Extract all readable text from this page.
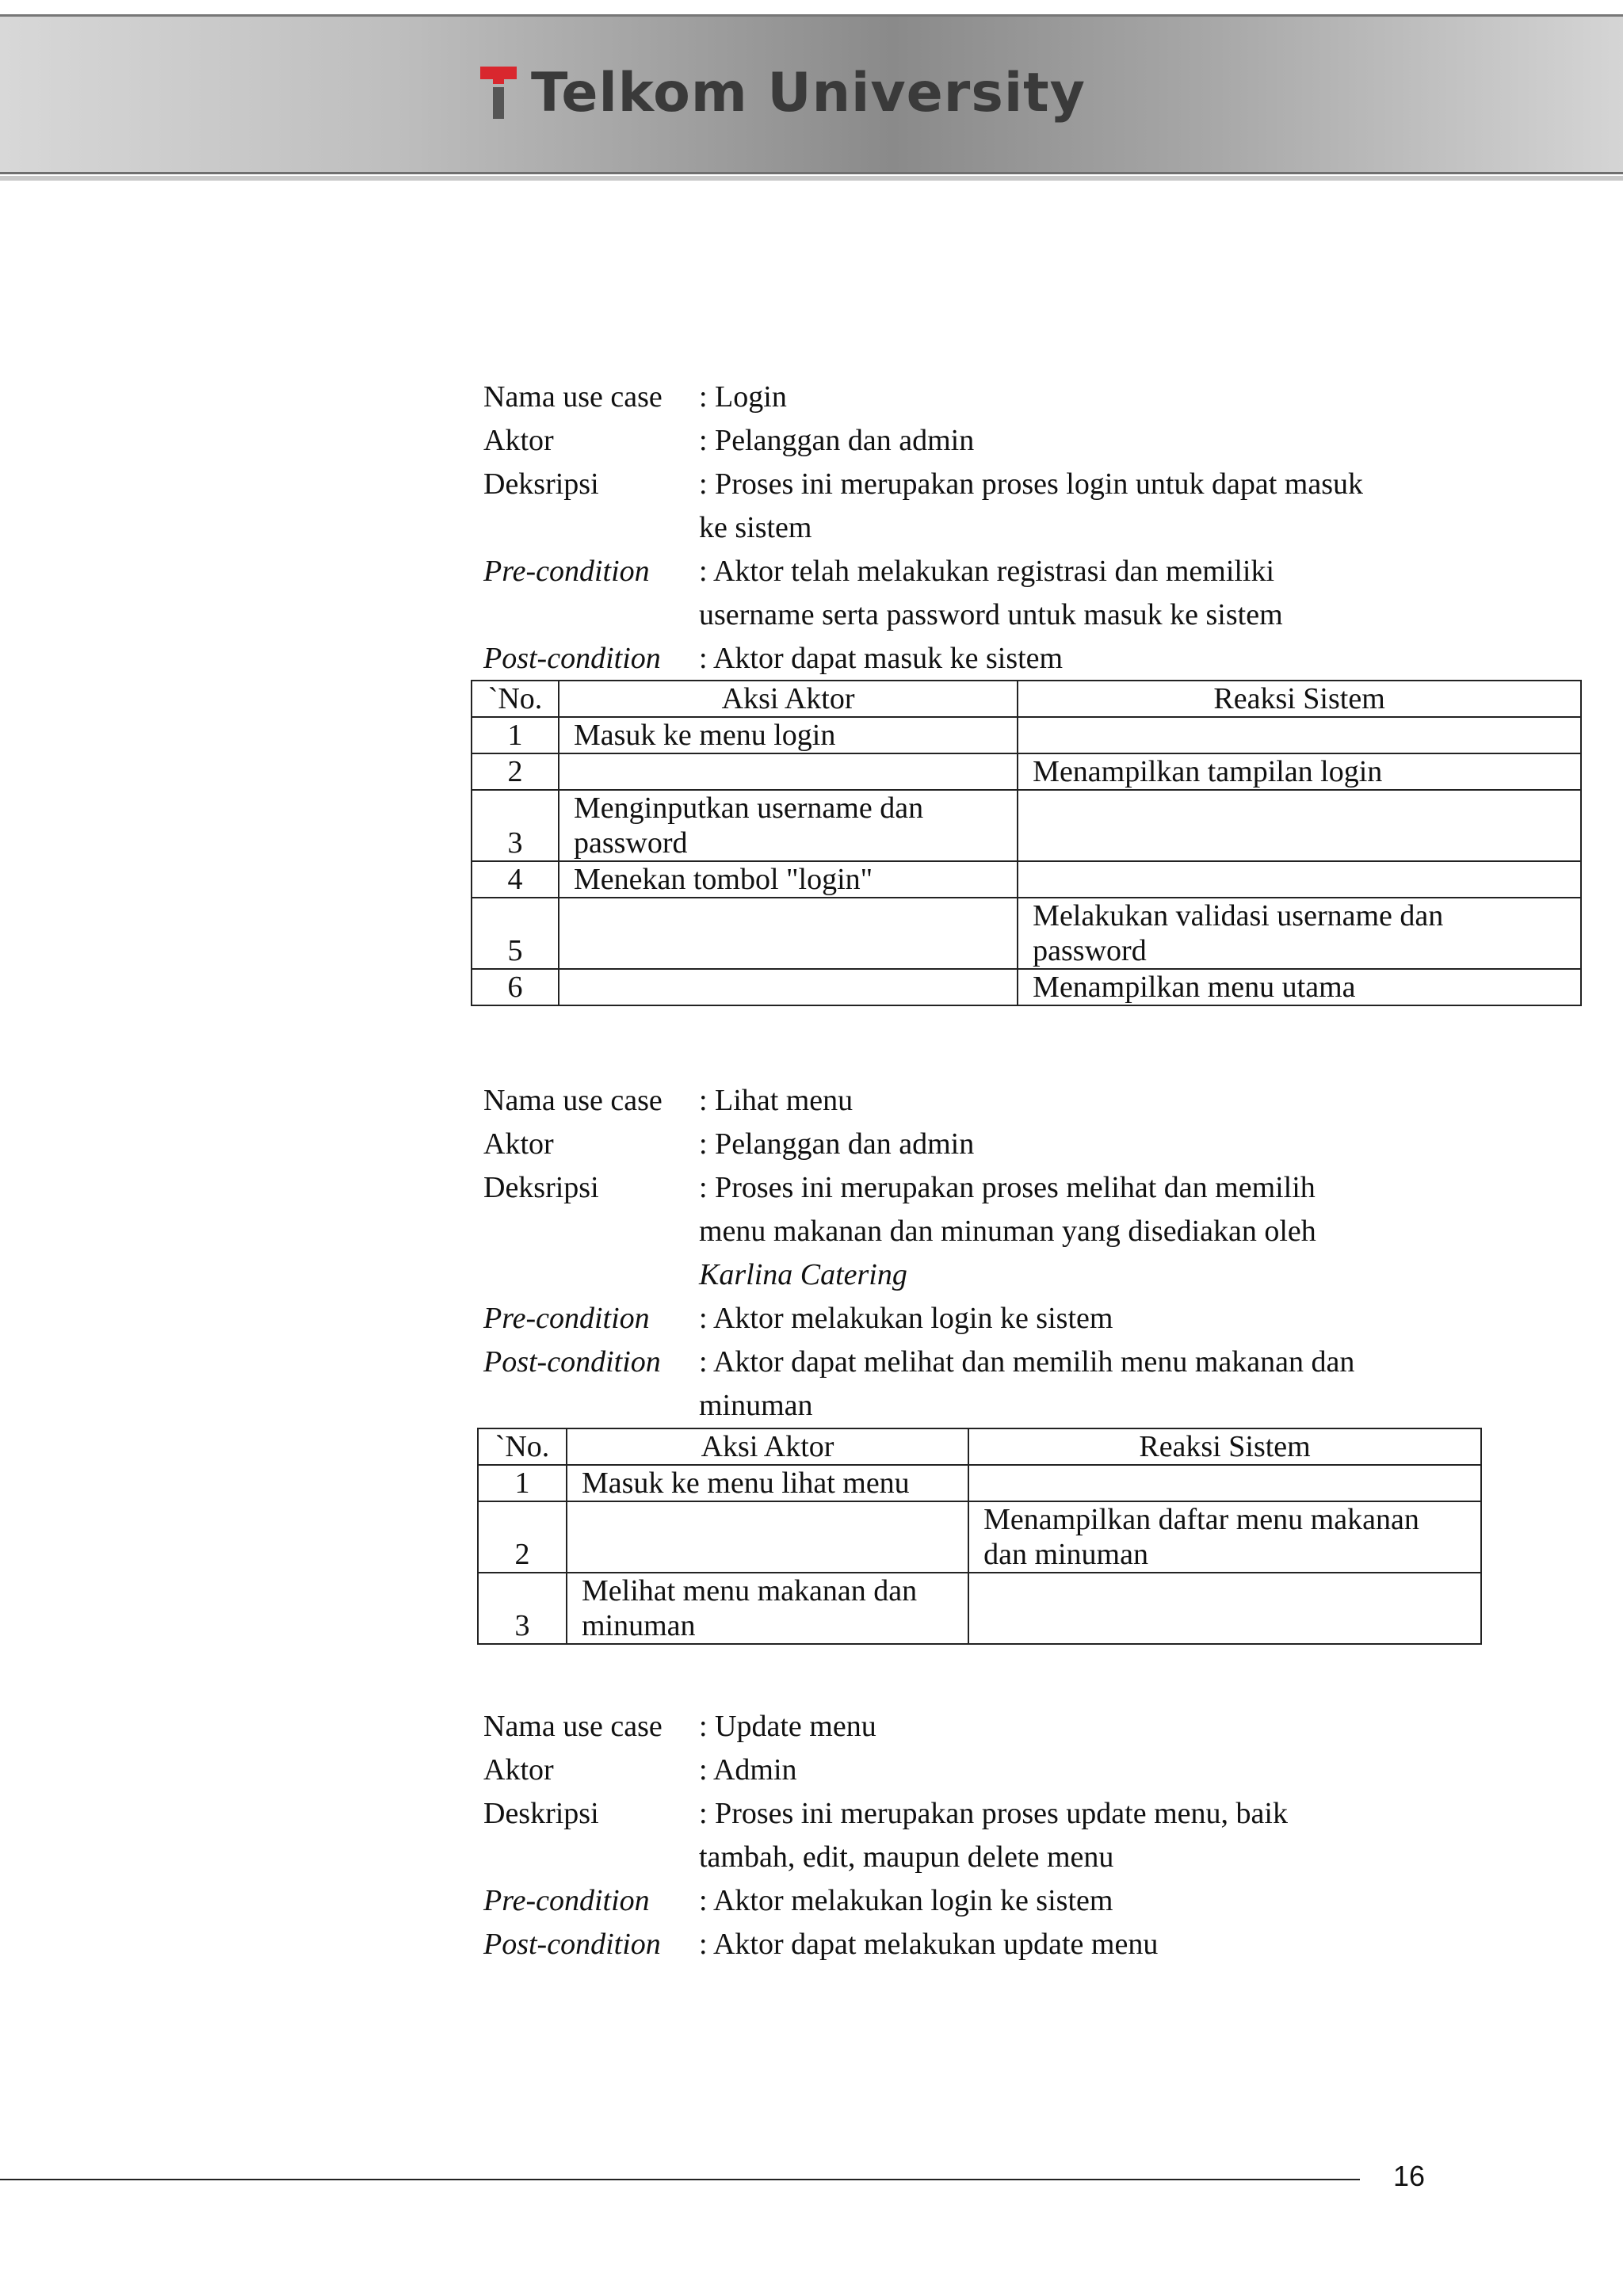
Telkom University
Nama use case	: Login
Aktor	: Pelanggan dan admin
Deksripsi	: Proses ini merupakan proses login untuk dapat masuk
ke sistem
Pre-condition	: Aktor telah melakukan registrasi dan memiliki
username serta password untuk masuk ke sistem
Post-condition	: Aktor dapat masuk ke sistem
`No.	Aksi Aktor	Reaksi Sistem
1	Masuk ke menu login	

2		Menampilkan tampilan login

3	Menginputkan username dan
password	

4	Menekan tombol "login"	

5		Melakukan validasi username dan
password

6		Menampilkan menu utama
Nama use case	: Lihat menu
Aktor	: Pelanggan dan admin
Deksripsi	: Proses ini merupakan proses melihat dan memilih
menu makanan dan minuman yang disediakan oleh
Karlina Catering
Pre-condition	: Aktor melakukan login ke sistem
Post-condition	: Aktor dapat melihat dan memilih menu makanan dan
minuman
`No.	Aksi Aktor	Reaksi Sistem
1	Masuk ke menu lihat menu	

2		Menampilkan daftar menu makanan
dan minuman

3	Melihat menu makanan dan
minuman	

Nama use case	: Update menu
Aktor	: Admin
Deskripsi	: Proses ini merupakan proses update menu, baik
tambah, edit, maupun delete menu
Pre-condition	: Aktor melakukan login ke sistem
Post-condition	: Aktor dapat melakukan update menu
16
